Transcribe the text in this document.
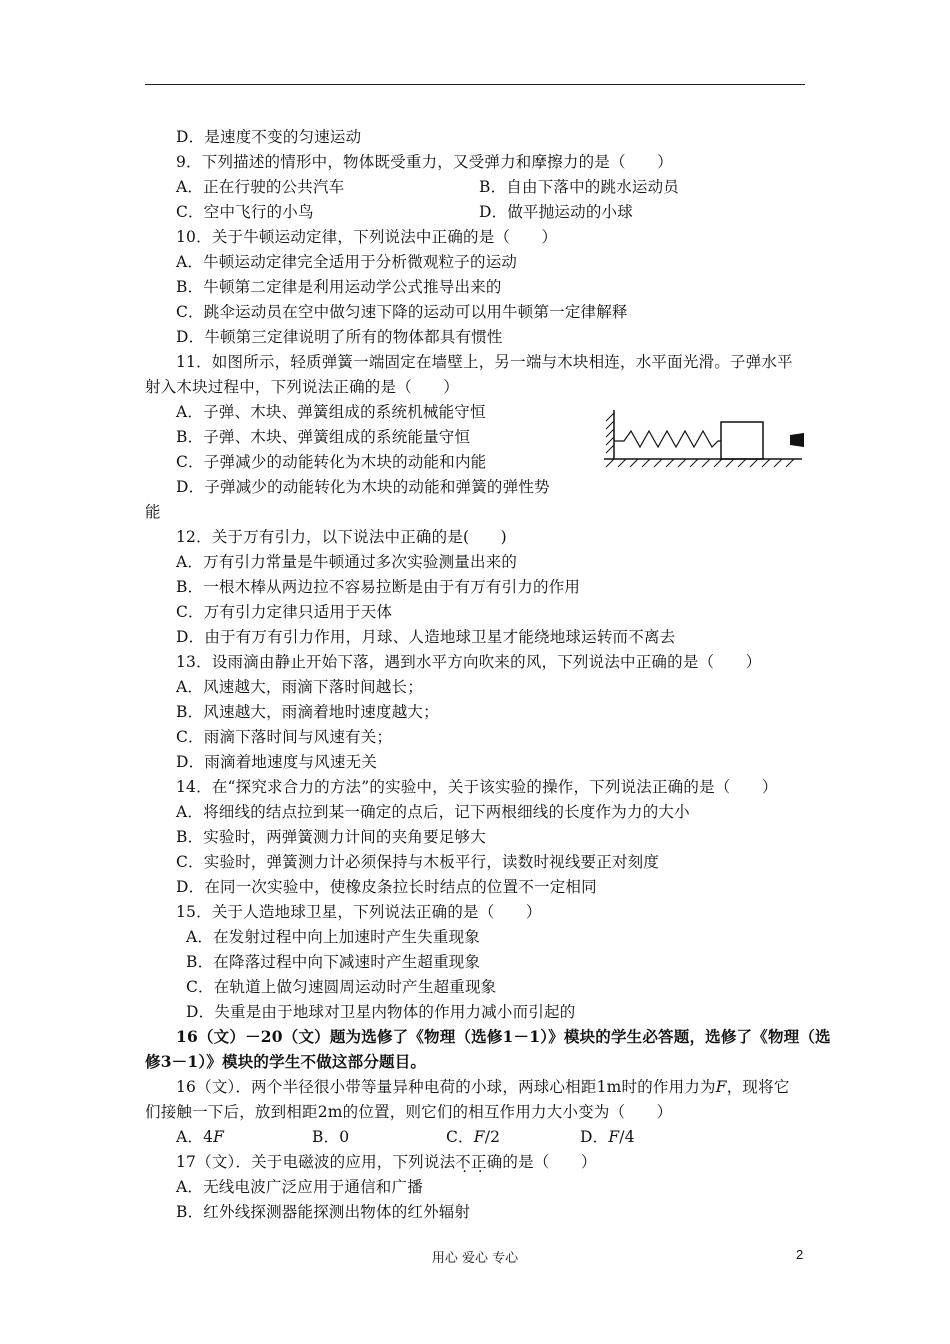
D．是速度不变的匀速运动
9．下列描述的情形中，物体既受重力，又受弹力和摩擦力的是（　　）
A．正在行驶的公共汽车	B．自由下落中的跳水运动员
C．空中飞行的小鸟	D．做平抛运动的小球
10．关于牛顿运动定律，下列说法中正确的是（　　）
A．牛顿运动定律完全适用于分析微观粒子的运动
B．牛顿第二定律是利用运动学公式推导出来的
C．跳伞运动员在空中做匀速下降的运动可以用牛顿第一定律解释
D．牛顿第三定律说明了所有的物体都具有惯性
11．如图所示，轻质弹簧一端固定在墙壁上，另一端与木块相连，水平面光滑。子弹水平
射入木块过程中，下列说法正确的是（　　）
A．子弹、木块、弹簧组成的系统机械能守恒
B．子弹、木块、弹簧组成的系统能量守恒
C．子弹减少的动能转化为木块的动能和内能
D．子弹减少的动能转化为木块的动能和弹簧的弹性势
能
12．关于万有引力，以下说法中正确的是(　　)
A．万有引力常量是牛顿通过多次实验测量出来的
B．一根木棒从两边拉不容易拉断是由于有万有引力的作用
C．万有引力定律只适用于天体
D．由于有万有引力作用，月球、人造地球卫星才能绕地球运转而不离去
13．设雨滴由静止开始下落，遇到水平方向吹来的风，下列说法中正确的是（　　）
A．风速越大，雨滴下落时间越长；
B．风速越大，雨滴着地时速度越大；
C．雨滴下落时间与风速有关；
D．雨滴着地速度与风速无关
14．在“探究求合力的方法”的实验中，关于该实验的操作，下列说法正确的是（　　）
A．将细线的结点拉到某一确定的点后，记下两根细线的长度作为力的大小
B．实验时，两弹簧测力计间的夹角要足够大
C．实验时，弹簧测力计必须保持与木板平行，读数时视线要正对刻度
D．在同一次实验中，使橡皮条拉长时结点的位置不一定相同
15．关于人造地球卫星，下列说法正确的是（　　）
A．在发射过程中向上加速时产生失重现象
B．在降落过程中向下减速时产生超重现象
C．在轨道上做匀速圆周运动时产生超重现象
D．失重是由于地球对卫星内物体的作用力减小而引起的
16（文）－20（文）题为选修了《物理（选修1－1）》模块的学生必答题，选修了《物理（选
修3－1）》模块的学生不做这部分题目。
16（文）．两个半径很小带等量异种电荷的小球，两球心相距1m时的作用力为F，现将它
们接触一下后，放到相距2m的位置，则它们的相互作用力大小变为（　　）
A．4F	B．0	C．F/2	D．F/4
17（文）．关于电磁波的应用，下列说法不正确的是（　　）
A．无线电波广泛应用于通信和广播
B．红外线探测器能探测出物体的红外辐射
用心 爱心 专心	2
